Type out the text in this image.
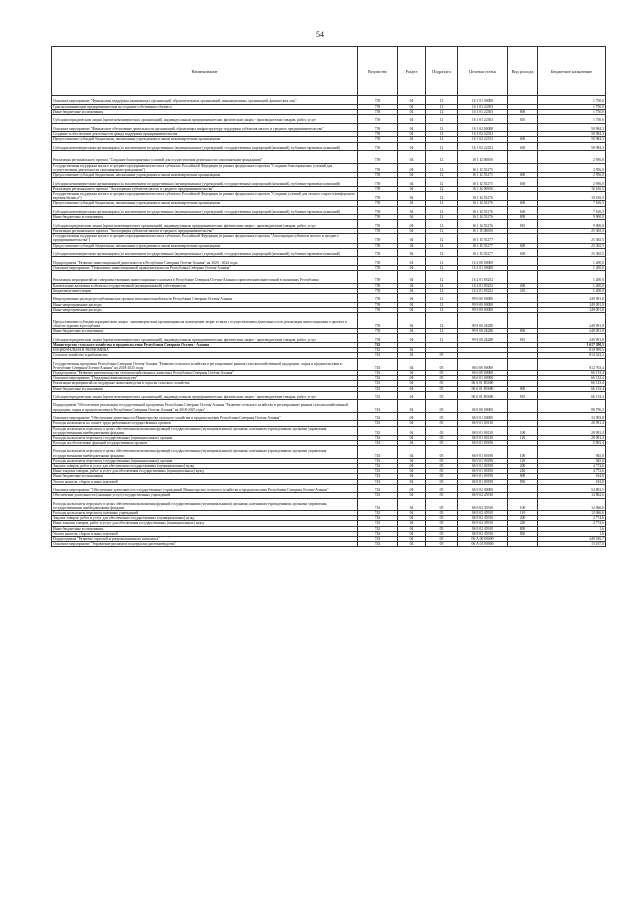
54
Наименование	Ведомство	Раздел	Подраздел	Целевая статья	Вид расхода	Бюджетное назначение
Основное мероприятие "Финансовая поддержка начинающих организаций, образовательных организаций, инновационных организаций, физических лиц"	739	04	12	16 1 01 00000		1 750,0
Гранты начинающим предпринимателям на создание собственного бизнеса	739	04	12	16 1 01 22303		1 750,0
Иные бюджетные ассигнования	739	04	12	16 1 01 22303	800	1 750,0
Субсидии юридическим лицам (кроме некоммерческих организаций), индивидуальным предпринимателям, физическим лицам - производителям товаров, работ, услуг	739	04	12	16 1 01 22303	810	1 750,0
Основное мероприятие "Финансовое обеспечение деятельности организаций, образующих инфраструктуру поддержки субъектов малого и среднего предпринимательства"	739	04	12	16 1 02 00000		50 984,3
Создание и обеспечение деятельности фонда поддержки предпринимательства	739	04	12	16 1 02 22352		50 984,3
Предоставление субсидий бюджетным, автономным учреждениям и иным некоммерческим организациям	739	04	12	16 1 02 22352	600	50 984,3
Субсидии некоммерческим организациям (за исключением государственных (муниципальных) учреждений, государственных корпораций (компаний), публично-правовых компаний)	739	04	12	16 1 02 22352	630	50 984,3
Реализация регионального проекта "Создание благоприятных условий для осуществления деятельности самозанятыми гражданами"	739	04	12	16 1 I2 00000		2 956,0
Государственная поддержка малого и среднего предпринимательства в субъектах Российской Федерации (в рамках федерального проекта "Создание благоприятных условий для осуществления деятельности самозанятыми гражданами")	739	04	12	16 1 I2 55275		2 956,0
Предоставление субсидий бюджетным, автономным учреждениям и иным некоммерческим организациям	739	04	12	16 1 I2 55275	600	2 956,0
Субсидии некоммерческим организациям (за исключением государственных (муниципальных) учреждений, государственных корпораций (компаний), публично-правовых компаний)	739	04	12	16 1 I2 55275	630	2 956,0
Реализация регионального проекта "Акселерация субъектов малого и среднего предпринимательства"	739	04	12	16 1 I4 00000		16 616,5
Государственная поддержка малого и среднего предпринимательства в субъектах Российской Федерации (в рамках федерального проекта "Создание условий для легкого старта и комфортного ведения бизнеса")	739	04	12	16 1 I4 55276		16 616,5
Предоставление субсидий бюджетным, автономным учреждениям и иным некоммерческим организациям	739	04	12	16 1 I4 55276	600	7 616,5
Субсидии некоммерческим организациям (за исключением государственных (муниципальных) учреждений, государственных корпораций (компаний), публично-правовых компаний)	739	04	12	16 1 I4 55276	630	7 616,5
Иные бюджетные ассигнования	739	04	12	16 1 I4 55276	800	9 000,0
Субсидии юридическим лицам (кроме некоммерческих организаций), индивидуальным предпринимателям, физическим лицам - производителям товаров, работ, услуг	739	04	12	16 1 I4 55276	810	9 000,0
Реализация регионального проекта "Акселерация субъектов малого и среднего предпринимательства"	739	04	12	16 1 I5 00000		25 365,5
Государственная поддержка малого и среднего предпринимательства в субъектах Российской Федерации (в рамках федерального проекта "Акселерация субъектов малого и среднего предпринимательства")	739	04	12	16 1 I5 55277		25 365,5
Предоставление субсидий бюджетным, автономным учреждениям и иным некоммерческим организациям	739	04	12	16 1 I5 55277	600	25 365,5
Субсидии некоммерческим организациям (за исключением государственных (муниципальных) учреждений, государственных корпораций (компаний), публично-правовых компаний)	739	04	12	16 1 I5 55277	630	25 365,5
Подпрограмма "Развитие инвестиционной деятельности в Республике Северная Осетия-Алания" на 2020 - 2024 годы	739	04	12	16 2 00 00000		1 200,0
Основное мероприятие "Повышение инвестиционной привлекательности Республики Северная Осетия-Алания"	739	04	12	16 2 01 00000		1 200,0
Реализация мероприятий по совершенствованию инвестиционного климата в Республике Северная Осетия-Алания и привлечению инвестиций в экономику Республики	739	04	12	16 2 01 85252		1 200,0
Капитальные вложения в объекты государственной (муниципальной) собственности	739	04	12	16 2 01 85252	400	1 200,0
Бюджетные инвестиции	739	04	12	16 2 01 85252	410	1 200,0
Непрограммные расходы республиканских органов исполнительной власти Республики Северная Осетия-Алания	739	04	12	99 0 00 00000		249 091,8
Иные непрограммные расходы	739	04	12	99 9 00 00000		249 091,8
Иные непрограммные расходы	739	04	12	99 9 00 00000		249 091,8
Предоставление субсидии юридическим лицам - некоммерческим организациям на возмещение затрат в связи с осуществлением деятельности по реализации инвестиционного проекта в области туризма в республике	739	04	12	99 9 00 2Б280		249 091,8
Иные бюджетные ассигнования	739	04	12	99 9 00 2Б280	800	249 091,8
Субсидии юридическим лицам (кроме некоммерческих организаций), индивидуальным предпринимателям, физическим лицам - производителям товаров, работ, услуг	739	04	12	99 9 00 2Б280	810	249 091,8
Министерство сельского хозяйства и продовольствия Республики Северная Осетия - Алания	743					1 617 390,5
НАЦИОНАЛЬНАЯ ЭКОНОМИКА	743	04				818 999,5
Сельское хозяйство и рыболовство	743	04	05			814 323,2
Государственная программа Республики Северная Осетия-Алания "Развитие сельского хозяйства и регулирование рынков сельскохозяйственной продукции, сырья и продовольствия в Республике Северная Осетия-Алания" на 2018-2025 годы	743	04	05	06 0 00 00000		812 763,4
Подпрограмма "Развитие животноводства сельскохозяйственных животных Республики Северная Осетия-Алания"	743	04	05	06 6 00 00000		66 133,4
Основное мероприятие "Поддержка животноводства"	743	04	05	06 6 01 00000		66 133,4
Реализация мероприятий по поддержке животноводства в отрасли сельского хозяйства	743	04	05	06 6 01 R5680		66 133,4
Иные бюджетные ассигнования	743	04	05	06 6 01 R5680	800	66 133,4
Субсидии юридическим лицам (кроме некоммерческих организаций), индивидуальным предпринимателям, физическим лицам - производителям товаров, работ, услуг	743	04	05	06 6 01 R5680	810	66 133,4
Подпрограмма "Обеспечение реализации государственной программы Республики Северная Осетия-Алания "Развитие сельского хозяйства и регулирование рынков сельскохозяйственной продукции, сырья и продовольствия в Республике Северная Осетия-Алания" на 2018-2025 годы"	743	04	05	06 9 00 00000		88 796,3
Основное мероприятие "Обеспечение деятельности Министерства сельского хозяйства и продовольствия Республики Северная Осетия-Алания"	743	04	05	06 9 01 00000		33 993,8
Расходы на выплаты по оплате труда работников государственных органов	743	04	05	06 9 01 00130		28 091,4
Расходы на выплаты персоналу в целях обеспечения выполнения функций государственными (муниципальными) органами, казенными учреждениями, органами управления государственными внебюджетными фондами	743	04	05	06 9 01 00130	100	28 091,4
Расходы на выплаты персоналу государственных (муниципальных) органов	743	04	05	06 9 01 00130	120	28 091,4
Расходы на обеспечение функций государственных органов	743	04	05	06 9 01 00190		5 902,4
Расходы на выплаты персоналу в целях обеспечения выполнения функций государственными (муниципальными) органами, казенными учреждениями, органами управления государственными внебюджетными фондами	743	04	05	06 9 01 00190	100	945,0
Расходы на выплаты персоналу государственных (муниципальных) органов	743	04	05	06 9 01 00190	120	945,0
Закупка товаров, работ и услуг для обеспечения государственных (муниципальных) нужд	743	04	05	06 9 01 00190	200	4 772,6
Иные закупки товаров, работ и услуг для обеспечения государственных (муниципальных) нужд	743	04	05	06 9 01 00190	240	4 772,6
Иные бюджетные ассигнования	743	04	05	06 9 01 00190	800	184,8
Уплата налогов, сборов и иных платежей	743	04	05	06 9 01 00190	850	184,8
Основное мероприятие "Обеспечение деятельности государственных учреждений Министерства сельского хозяйства и продовольствия Республики Северная Осетия-Алания"	743	04	05	06 9 02 00000		54 802,5
Обеспечение деятельности (оказание услуг) государственных учреждений	743	04	05	06 9 02 45910		14 862,6
Расходы на выплаты персоналу в целях обеспечения выполнения функций государственными (муниципальными) органами, казенными учреждениями, органами управления государственными внебюджетными фондами	743	04	05	06 9 02 45910	100	12 066,6
Расходы на выплаты персоналу казенных учреждений	743	04	05	06 9 02 45910	110	12 066,6
Закупка товаров, работ и услуг для обеспечения государственных (муниципальных) нужд	743	04	05	06 9 02 45910	200	2 774,6
Иные закупки товаров, работ и услуг для обеспечения государственных (муниципальных) нужд	743	04	05	06 9 02 45910	240	2 774,6
Иные бюджетные ассигнования	743	04	05	06 9 02 45910	800	1,6
Уплата налогов, сборов и иных платежей	743	04	05	06 9 02 45910	850	1,6
Подпрограмма "Развитие отраслей агропромышленного комплекса"	743	04	05	06 А 00 00000		249 016,7
Основное мероприятие "Управление рисками в подотраслях растениеводства"	743	04	05	06 А 01 00000		13 167,0
